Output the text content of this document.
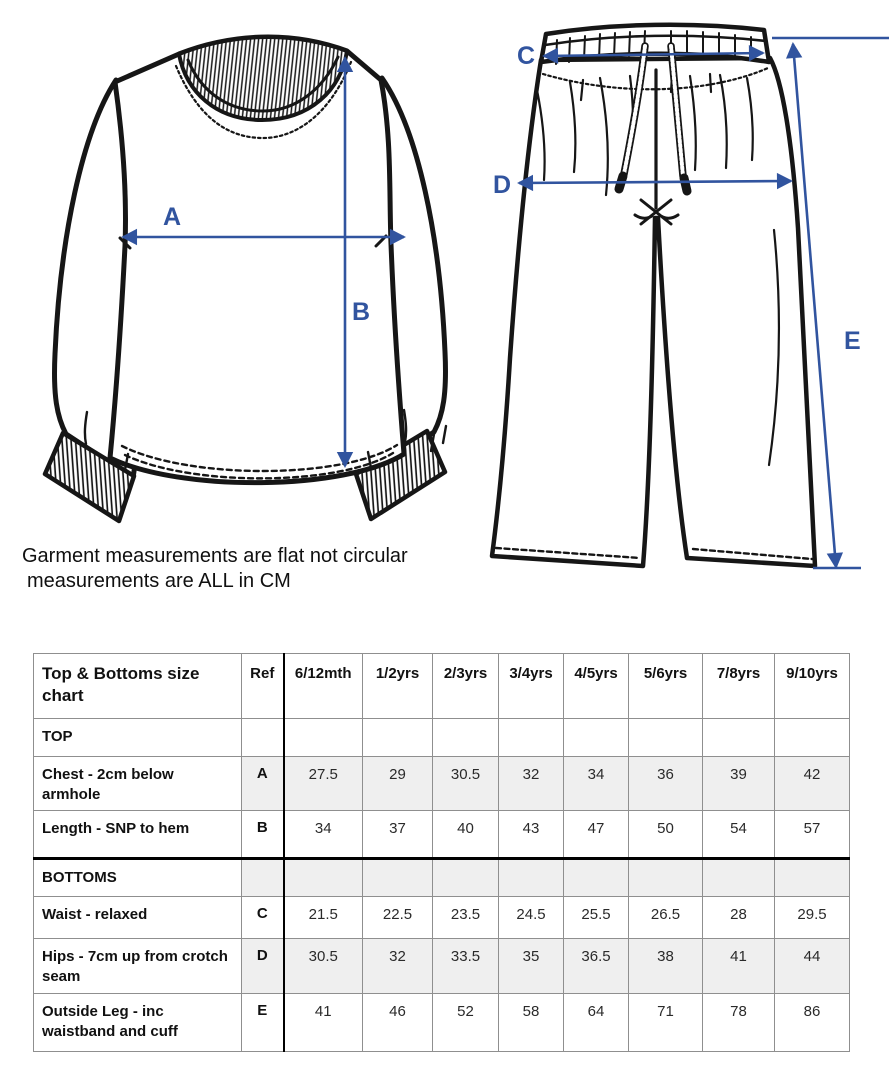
A
B
C
D
E
Garment measurements are flat not circular
measurements are ALL in CM
Top & Bottoms size chart	Ref	6/12mth	1/2yrs	2/3yrs	3/4yrs	4/5yrs	5/6yrs	7/8yrs	9/10yrs
TOP									
Chest - 2cm below armhole	A	27.5	29	30.5	32	34	36	39	42
Length - SNP to hem	B	34	37	40	43	47	50	54	57
BOTTOMS									
Waist - relaxed	C	21.5	22.5	23.5	24.5	25.5	26.5	28	29.5
Hips - 7cm up from crotch seam	D	30.5	32	33.5	35	36.5	38	41	44
Outside Leg - inc waistband and cuff	E	41	46	52	58	64	71	78	86
